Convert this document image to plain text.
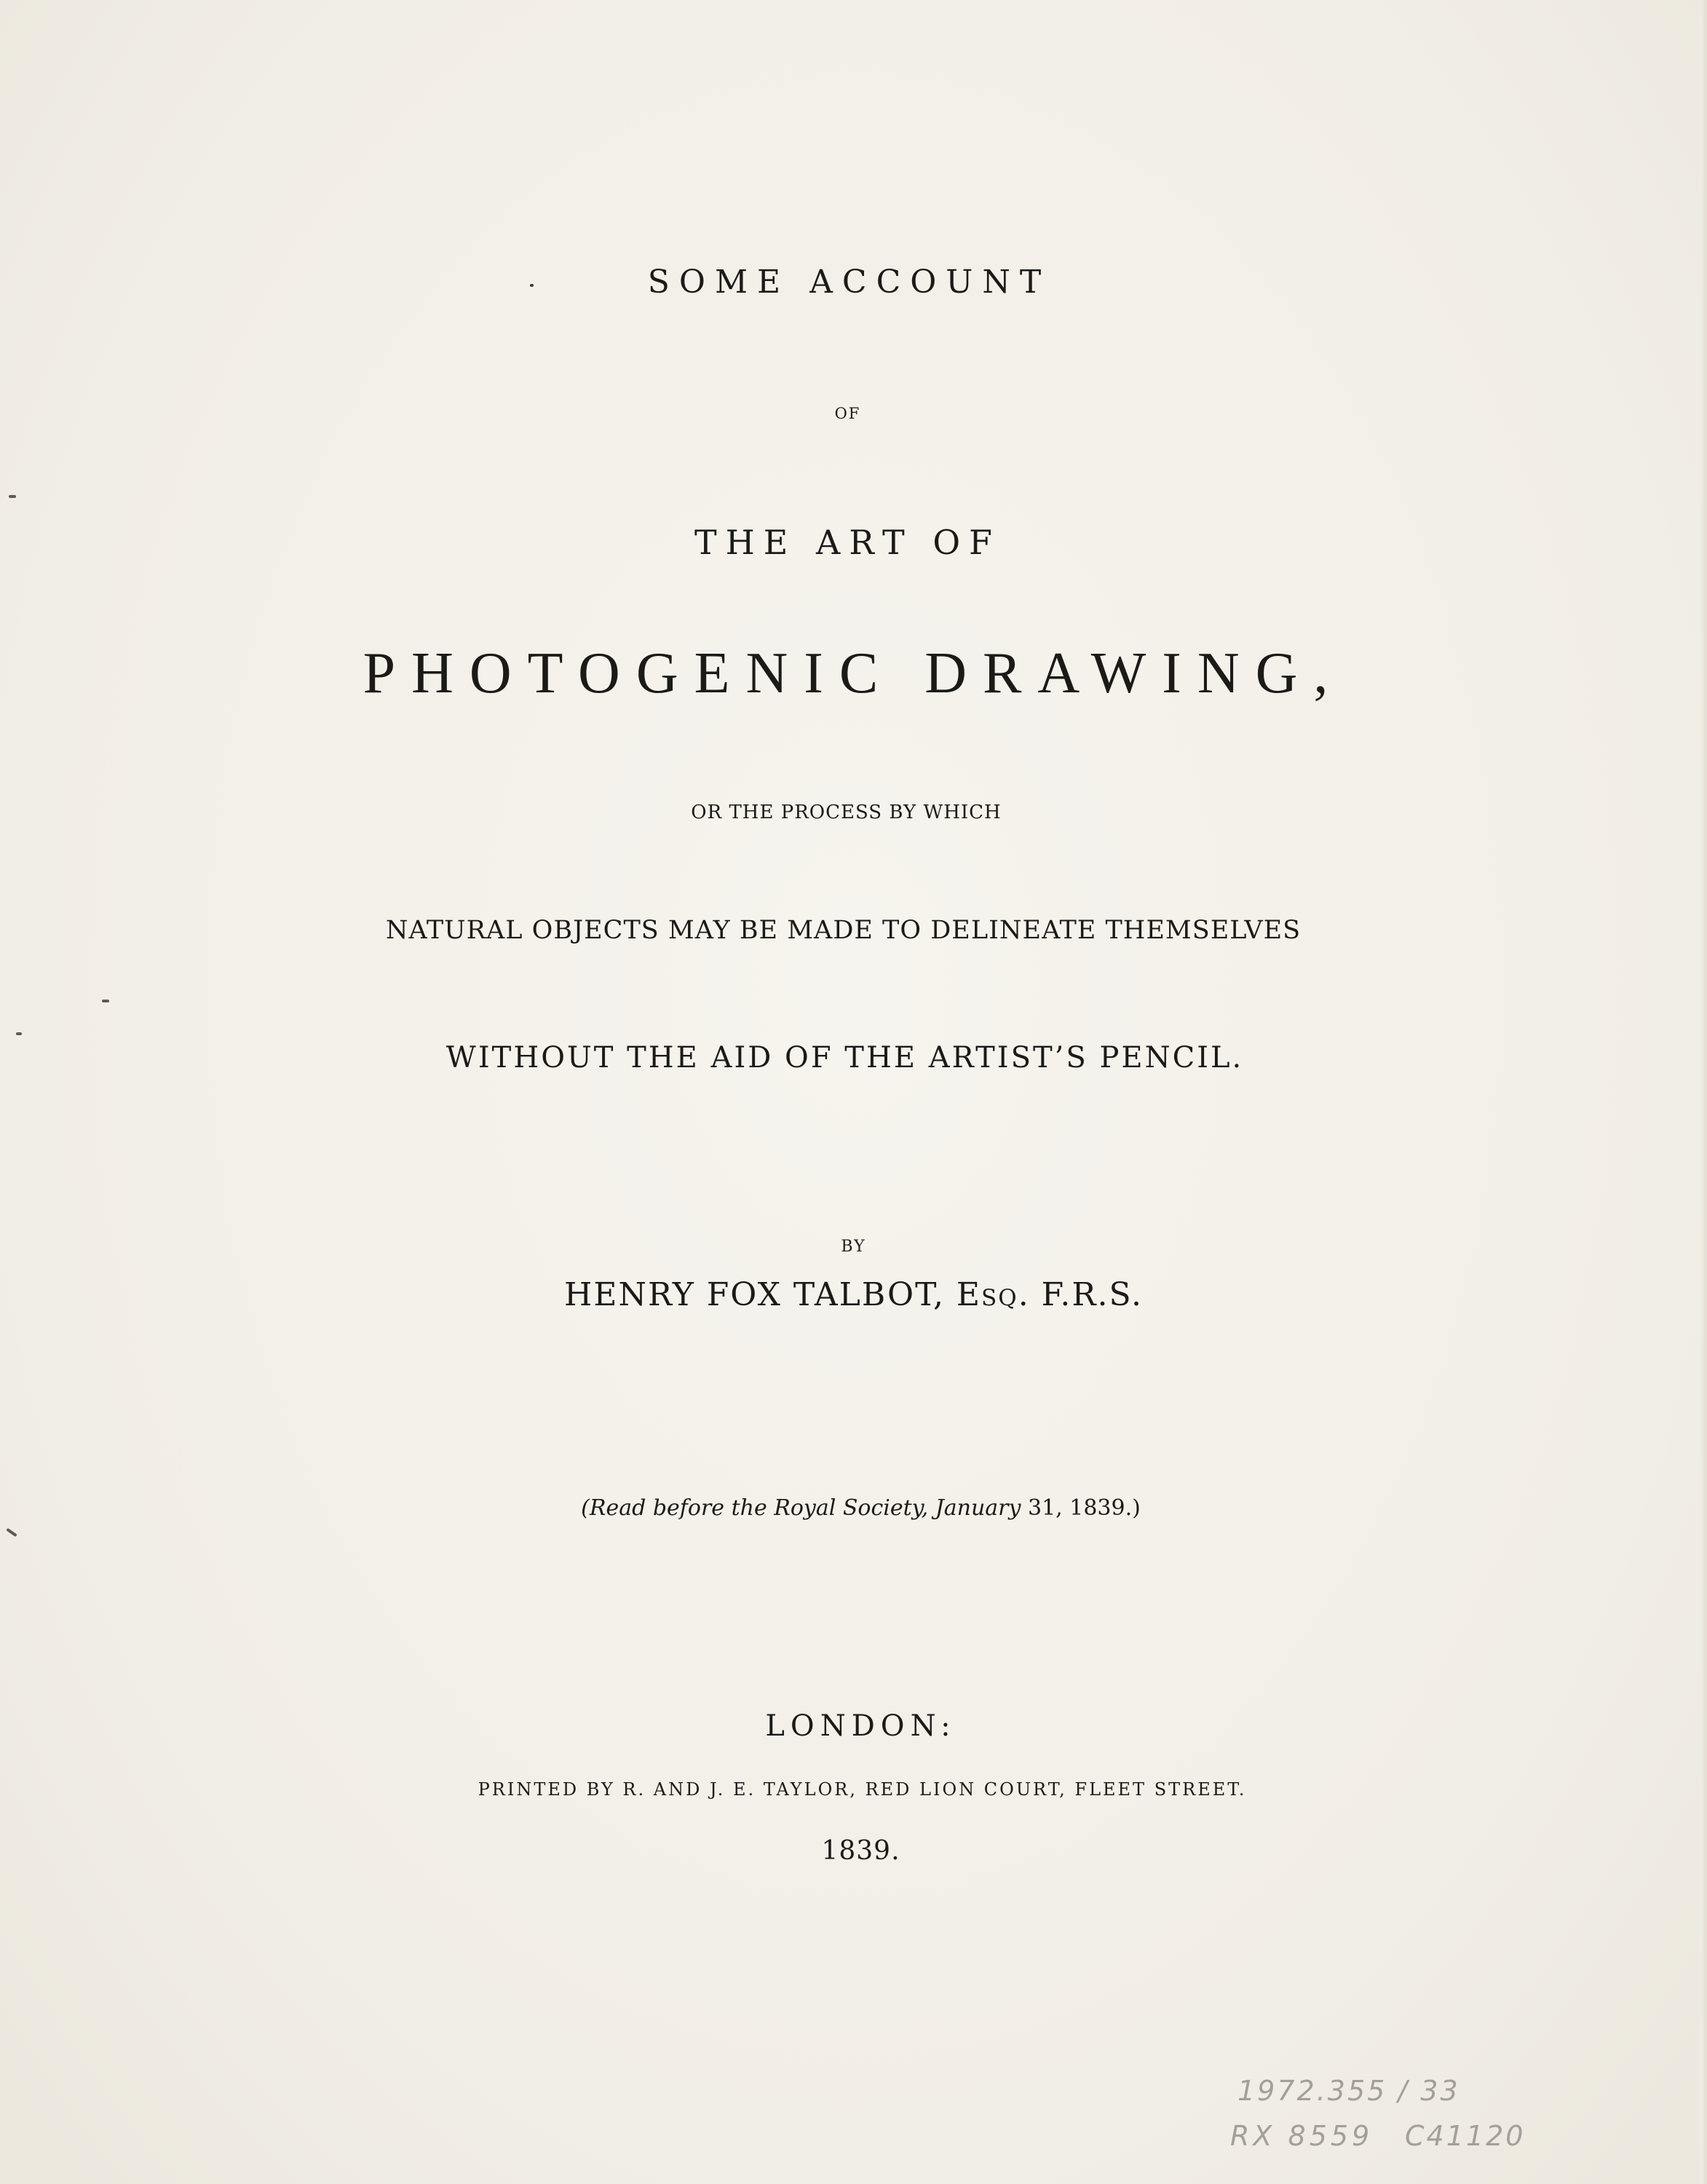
SOME ACCOUNT
OF
THE ART OF
PHOTOGENIC DRAWING,
OR THE PROCESS BY WHICH
NATURAL OBJECTS MAY BE MADE TO DELINEATE THEMSELVES
WITHOUT THE AID OF THE ARTIST’S PENCIL.
BY
HENRY FOX TALBOT, Esq. F.R.S.
(Read before the Royal Society, January 31, 1839.)
LONDON:
PRINTED BY R. AND J. E. TAYLOR, RED LION COURT, FLEET STREET.
1839.
1972.355 / 33
RX 8559 C41120
